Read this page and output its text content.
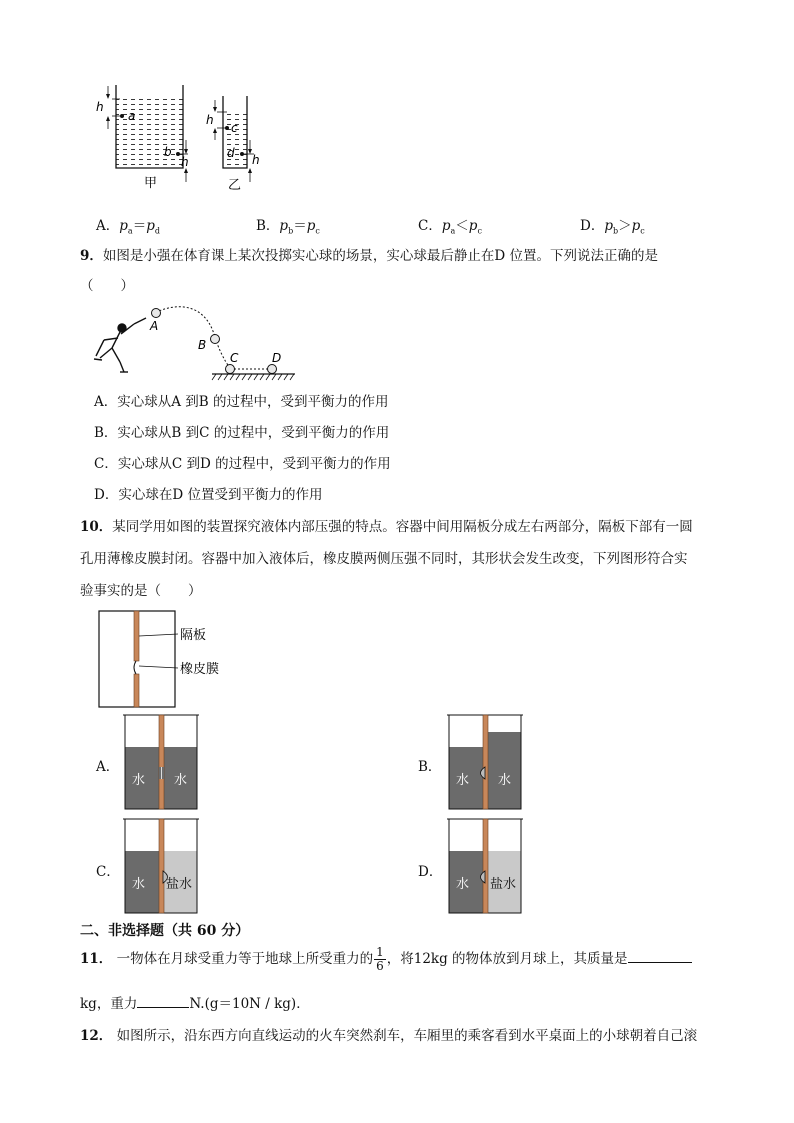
h
a
b
h
甲
h
c
d h
乙
A．$p_a=p_d$	B．$p_b=p_c$	C．$p_a<p_c$	D．$p_b>p_c$
9．如图是小强在体育课上某次投掷实心球的场景，实心球最后静止在D 位置。下列说法正确的是
（　　）
A
B
C	D
A．实心球从A 到B 的过程中，受到平衡力的作用
B．实心球从B 到C 的过程中，受到平衡力的作用
C．实心球从C 到D 的过程中，受到平衡力的作用
D．实心球在D 位置受到平衡力的作用
10．某同学用如图的装置探究液体内部压强的特点。容器中间用隔板分成左右两部分，隔板下部有一圆
孔用薄橡皮膜封闭。容器中加入液体后，橡皮膜两侧压强不同时，其形状会发生改变，下列图形符合实
验事实的是（　　）
隔板
橡皮膜
A．
水 水
B．
水 水
C．
水 盐水
D．
水 盐水
二、非选择题（共 60 分）
11． 一物体在月球受重力等于地球上所受重力的 $\frac{1}{6}$ ，将12kg 的物体放到月球上，其质量是
kg，重力	N.(g＝10N / kg)．
12． 如图所示，沿东西方向直线运动的火车突然刹车，车厢里的乘客看到水平桌面上的小球朝着自己滚
